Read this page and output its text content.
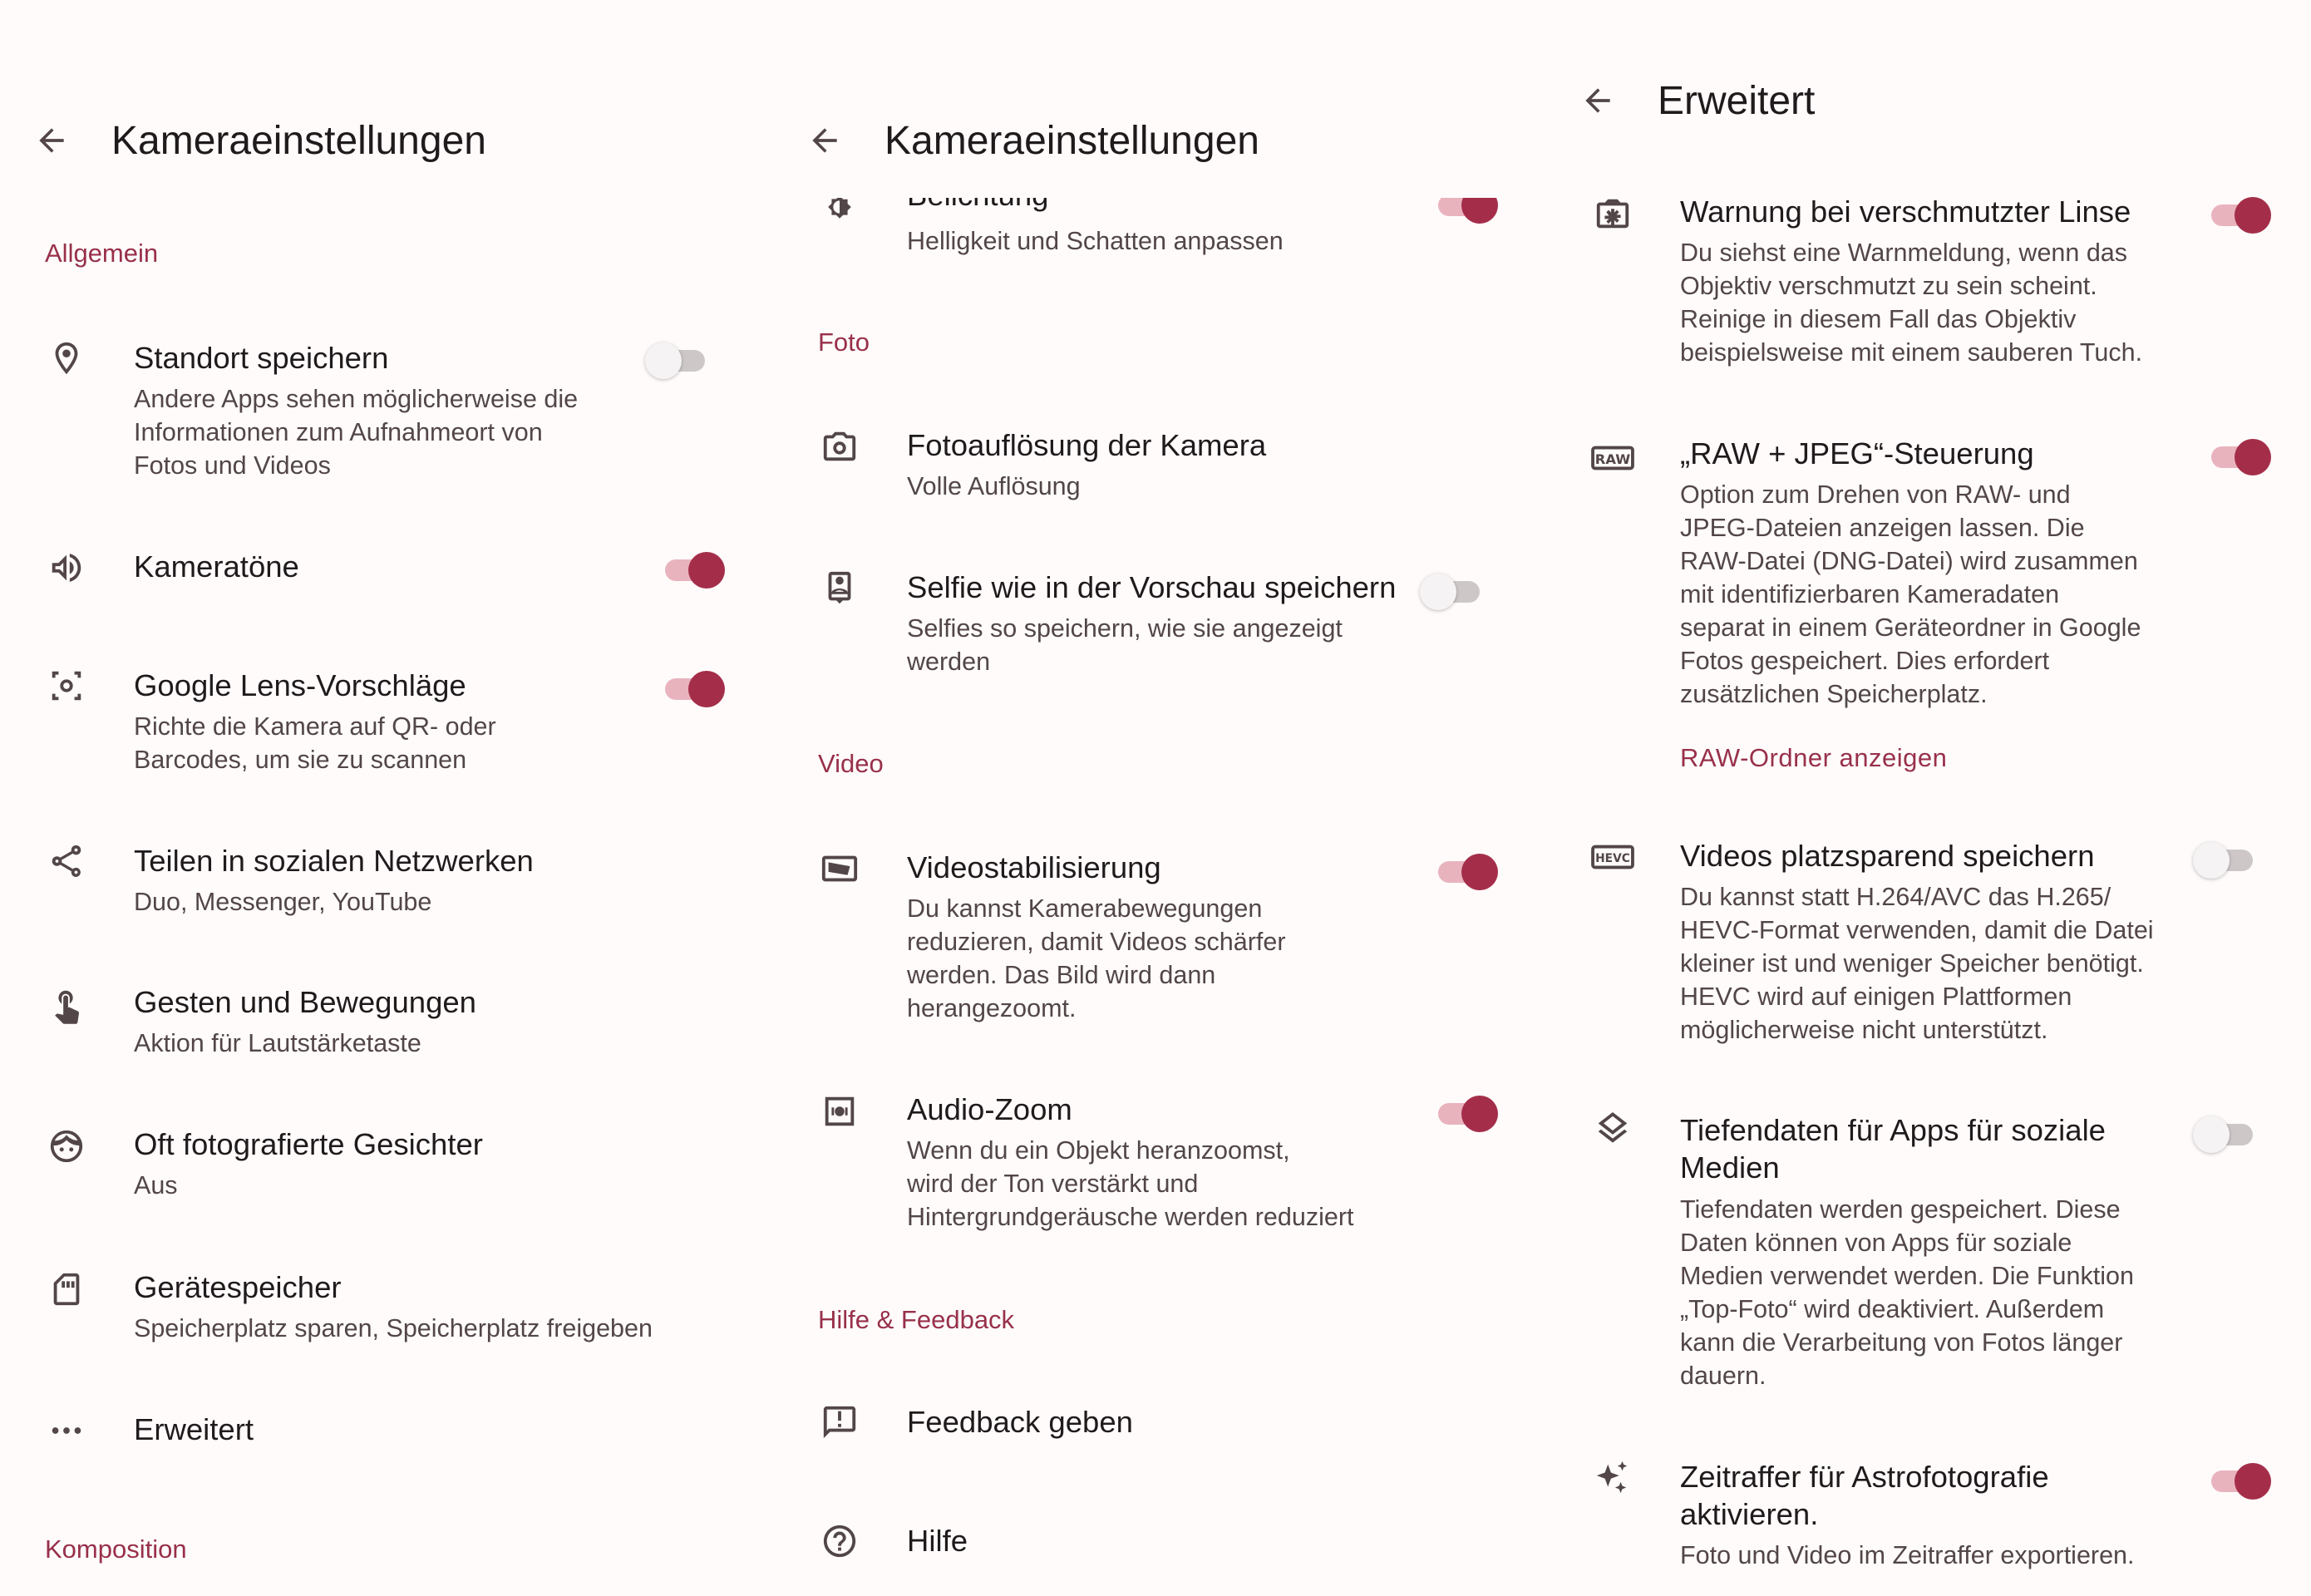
Kameraeinstellungen
Allgemein
Standort speichern
Andere Apps sehen möglicherweise die
Informationen zum Aufnahmeort von
Fotos und Videos
Kameratöne
Google Lens-Vorschläge
Richte die Kamera auf QR- oder
Barcodes, um sie zu scannen
Teilen in sozialen Netzwerken
Duo, Messenger, YouTube
Gesten und Bewegungen
Aktion für Lautstärketaste
Oft fotografierte Gesichter
Aus
Gerätespeicher
Speicherplatz sparen, Speicherplatz freigeben
Erweitert
Komposition
Helligkeit und Schatten anpassen
Kameraeinstellungen
Foto
Fotoauflösung der Kamera
Volle Auflösung
Selfie wie in der Vorschau speichern
Selfies so speichern, wie sie angezeigt
werden
Video
Videostabilisierung
Du kannst Kamerabewegungen
reduzieren, damit Videos schärfer
werden. Das Bild wird dann
herangezoomt.
Audio-Zoom
Wenn du ein Objekt heranzoomst,
wird der Ton verstärkt und
Hintergrundgeräusche werden reduziert
Hilfe & Feedback
Feedback geben
Hilfe
Erweitert
Warnung bei verschmutzter Linse
Du siehst eine Warnmeldung, wenn das
Objektiv verschmutzt zu sein scheint.
Reinige in diesem Fall das Objektiv
beispielsweise mit einem sauberen Tuch.
RAW „RAW + JPEG“-Steuerung
Option zum Drehen von RAW- und
JPEG-Dateien anzeigen lassen. Die
RAW-Datei (DNG-Datei) wird zusammen
mit identifizierbaren Kameradaten
separat in einem Geräteordner in Google
Fotos gespeichert. Dies erfordert
zusätzlichen Speicherplatz.
RAW-Ordner anzeigen
HEVC Videos platzsparend speichern
Du kannst statt H.264/AVC das H.265/
HEVC-Format verwenden, damit die Datei
kleiner ist und weniger Speicher benötigt.
HEVC wird auf einigen Plattformen
möglicherweise nicht unterstützt.
Tiefendaten für Apps für soziale
Medien
Tiefendaten werden gespeichert. Diese
Daten können von Apps für soziale
Medien verwendet werden. Die Funktion
„Top-Foto“ wird deaktiviert. Außerdem
kann die Verarbeitung von Fotos länger
dauern.
Zeitraffer für Astrofotografie
aktivieren.
Foto und Video im Zeitraffer exportieren.
